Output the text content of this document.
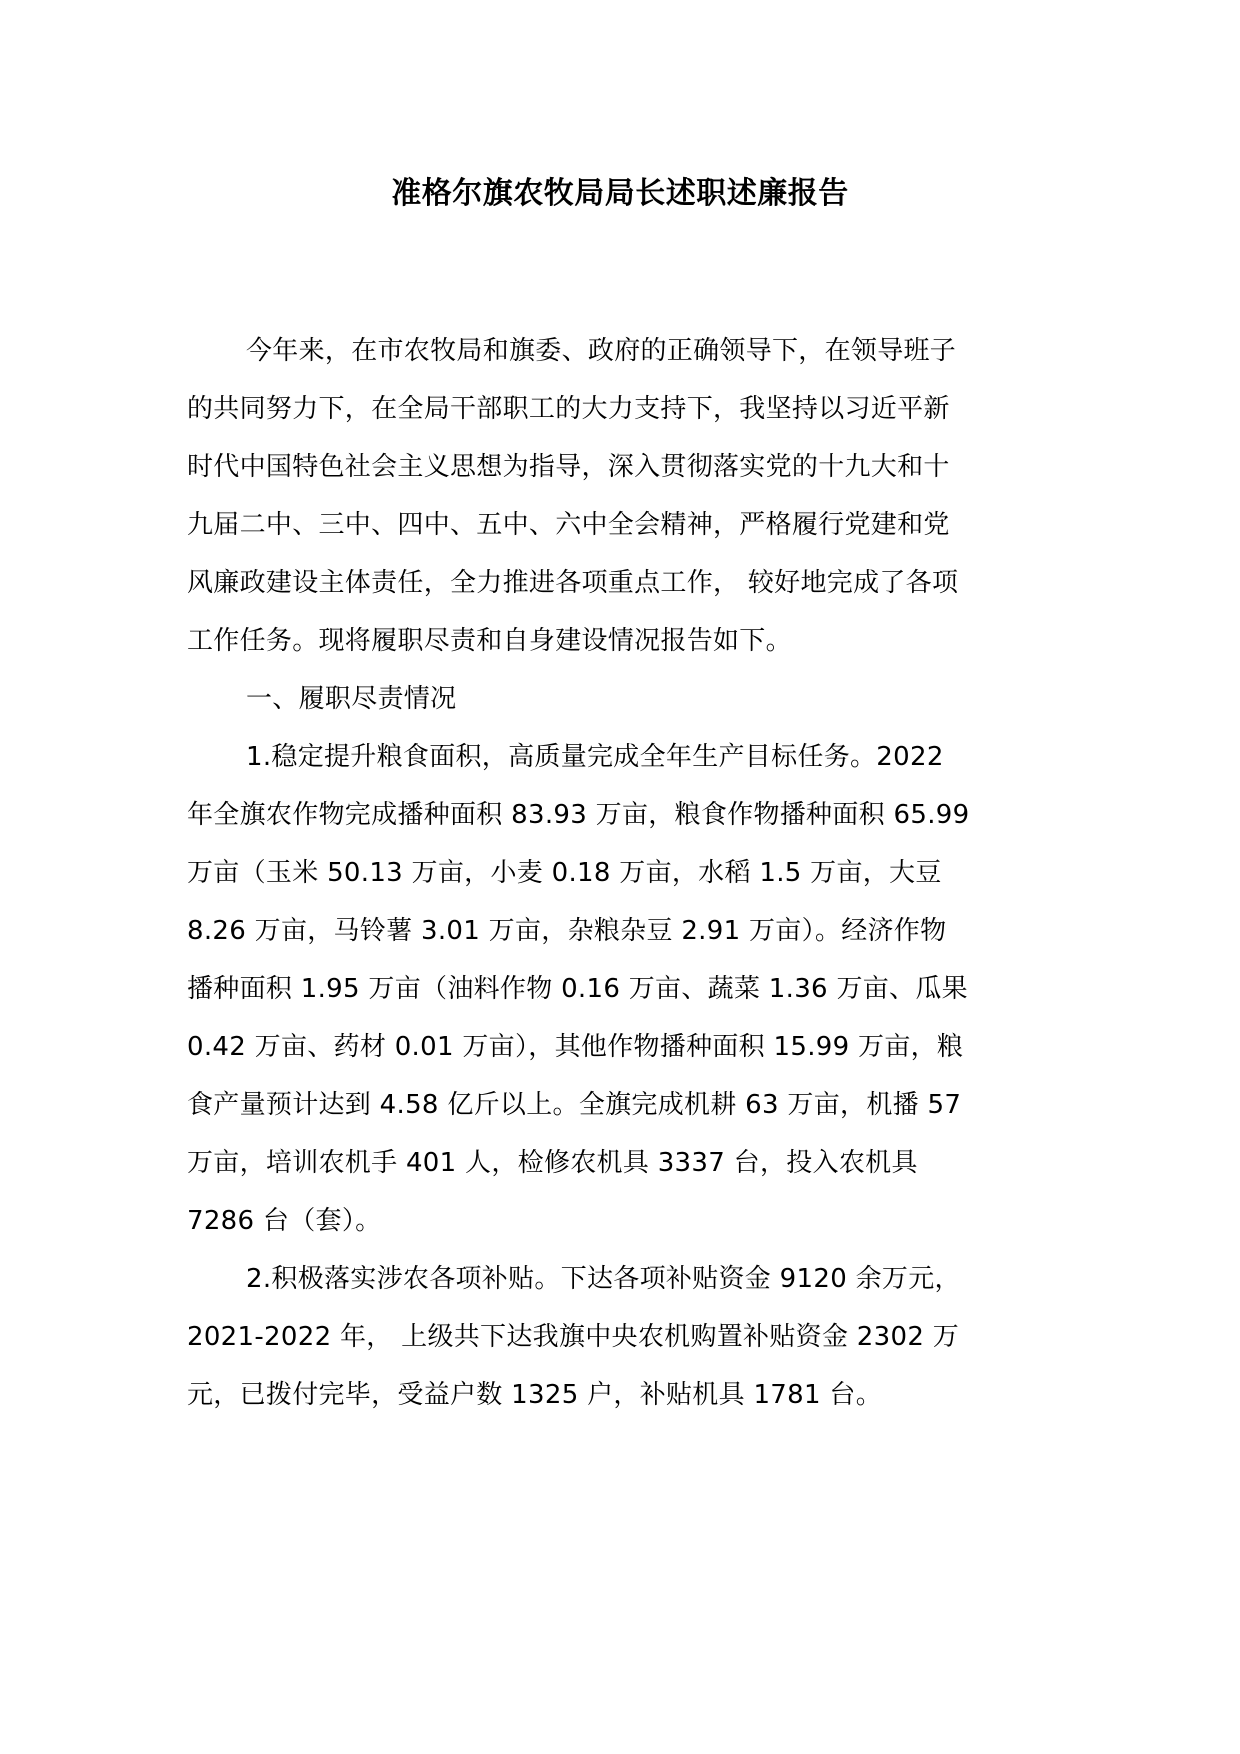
准格尔旗农牧局局长述职述廉报告
今年来，在市农牧局和旗委、政府的正确领导下，在领导班子
的共同努力下，在全局干部职工的大力支持下，我坚持以习近平新
时代中国特色社会主义思想为指导，深入贯彻落实党的十九大和十
九届二中、三中、四中、五中、六中全会精神，严格履行党建和党
风廉政建设主体责任，全力推进各项重点工作， 较好地完成了各项
工作任务。现将履职尽责和自身建设情况报告如下。
一、履职尽责情况
1.稳定提升粮食面积，高质量完成全年生产目标任务。2022
年全旗农作物完成播种面积 83.93 万亩，粮食作物播种面积 65.99
万亩（玉米 50.13 万亩，小麦 0.18 万亩，水稻 1.5 万亩，大豆
8.26 万亩，马铃薯 3.01 万亩，杂粮杂豆 2.91 万亩）。经济作物
播种面积 1.95 万亩（油料作物 0.16 万亩、蔬菜 1.36 万亩、瓜果
0.42 万亩、药材 0.01 万亩），其他作物播种面积 15.99 万亩，粮
食产量预计达到 4.58 亿斤以上。全旗完成机耕 63 万亩，机播 57
万亩，培训农机手 401 人，检修农机具 3337 台，投入农机具
7286 台（套）。
2.积极落实涉农各项补贴。下达各项补贴资金 9120 余万元，
2021-2022 年， 上级共下达我旗中央农机购置补贴资金 2302 万
元，已拨付完毕，受益户数 1325 户，补贴机具 1781 台。
